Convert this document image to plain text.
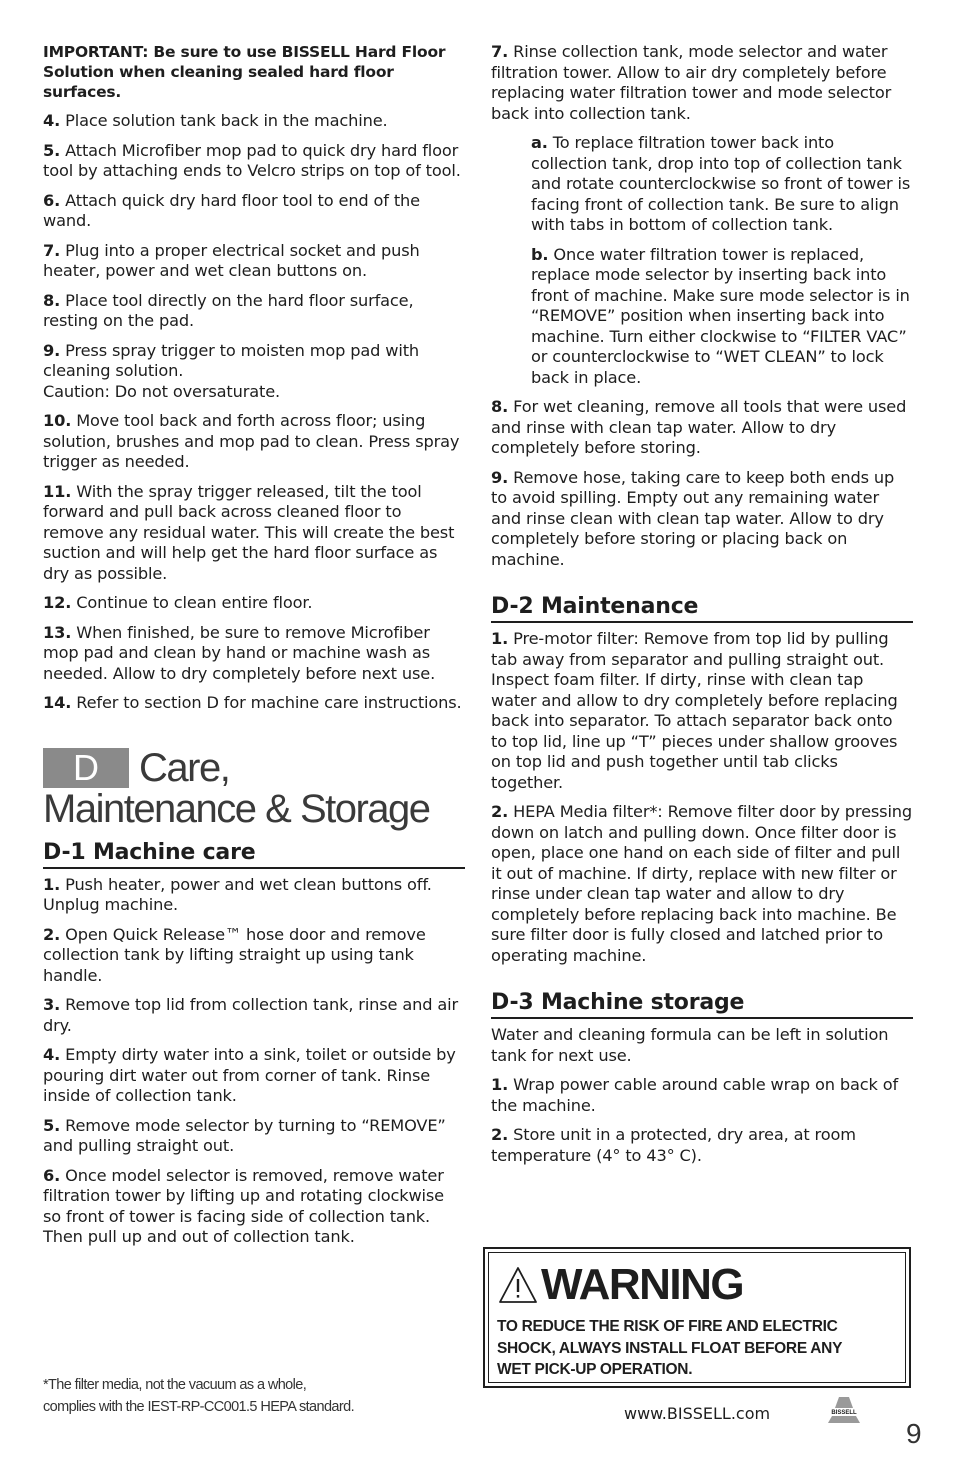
IMPORTANT: Be sure to use BISSELL Hard Floor Solution when cleaning sealed hard floor surfaces.

4. Place solution tank back in the machine.

5. Attach Microfiber mop pad to quick dry hard floor tool by attaching ends to Velcro strips on top of tool.

6. Attach quick dry hard floor tool to end of the wand.

7. Plug into a proper electrical socket and push heater, power and wet clean buttons on.

8. Place tool directly on the hard floor surface, resting on the pad.

9. Press spray trigger to moisten mop pad with cleaning solution.
Caution: Do not oversaturate.

10. Move tool back and forth across floor; using solution, brushes and mop pad to clean. Press spray trigger as needed.

11. With the spray trigger released, tilt the tool forward and pull back across cleaned floor to remove any residual water. This will create the best suction and will help get the hard floor surface as dry as possible.

12. Continue to clean entire floor.

13. When finished, be sure to remove Microfiber mop pad and clean by hand or machine wash as needed. Allow to dry completely before next use.

14. Refer to section D for machine care instructions.

D	Care,
Maintenance & Storage
D-1 Machine care

1. Push heater, power and wet clean buttons off. Unplug machine.

2. Open Quick Release™ hose door and remove collection tank by lifting straight up using tank handle.

3. Remove top lid from collection tank, rinse and air dry.

4. Empty dirty water into a sink, toilet or outside by pouring dirt water out from corner of tank. Rinse inside of collection tank.

5. Remove mode selector by turning to “REMOVE” and pulling straight out.

6. Once model selector is removed, remove water filtration tower by lifting up and rotating clockwise so front of tower is facing side of collection tank. Then pull up and out of collection tank.

*The filter media, not the vacuum as a whole,
complies with the IEST-RP-CC001.5 HEPA standard.

7. Rinse collection tank, mode selector and water filtration tower. Allow to air dry completely before replacing water filtration tower and mode selector back into collection tank.

a. To replace filtration tower back into collection tank, drop into top of collection tank and rotate counterclockwise so front of tower is facing front of collection tank. Be sure to align with tabs in bottom of collection tank.

b. Once water filtration tower is replaced, replace mode selector by inserting back into front of machine. Make sure mode selector is in “REMOVE” position when inserting back into machine. Turn either clockwise to “FILTER VAC” or counterclockwise to “WET CLEAN” to lock back in place.

8. For wet cleaning, remove all tools that were used and rinse with clean tap water. Allow to dry completely before storing.

9. Remove hose, taking care to keep both ends up to avoid spilling. Empty out any remaining water and rinse clean with clean tap water. Allow to dry completely before storing or placing back on machine.

D-2 Maintenance

1. Pre-motor filter: Remove from top lid by pulling tab away from separator and pulling straight out. Inspect foam filter. If dirty, rinse with clean tap water and allow to dry completely before replacing back into separator. To attach separator back onto to top lid, line up “T” pieces under shallow grooves on top lid and push together until tab clicks together.

2. HEPA Media filter*: Remove filter door by pressing down on latch and pulling down. Once filter door is open, place one hand on each side of filter and pull it out of machine. If dirty, replace with new filter or rinse under clean tap water and allow to dry completely before replacing back into machine. Be sure filter door is fully closed and latched prior to operating machine.

D-3 Machine storage

Water and cleaning formula can be left in solution tank for next use.

1. Wrap power cable around cable wrap on back of the machine.

2. Store unit in a protected, dry area, at room temperature (4° to 43° C).

WARNING
TO REDUCE THE RISK OF FIRE AND ELECTRIC SHOCK, ALWAYS INSTALL FLOAT BEFORE ANY WET PICK-UP OPERATION.
www.BISSELL.com	BISSELL
9
